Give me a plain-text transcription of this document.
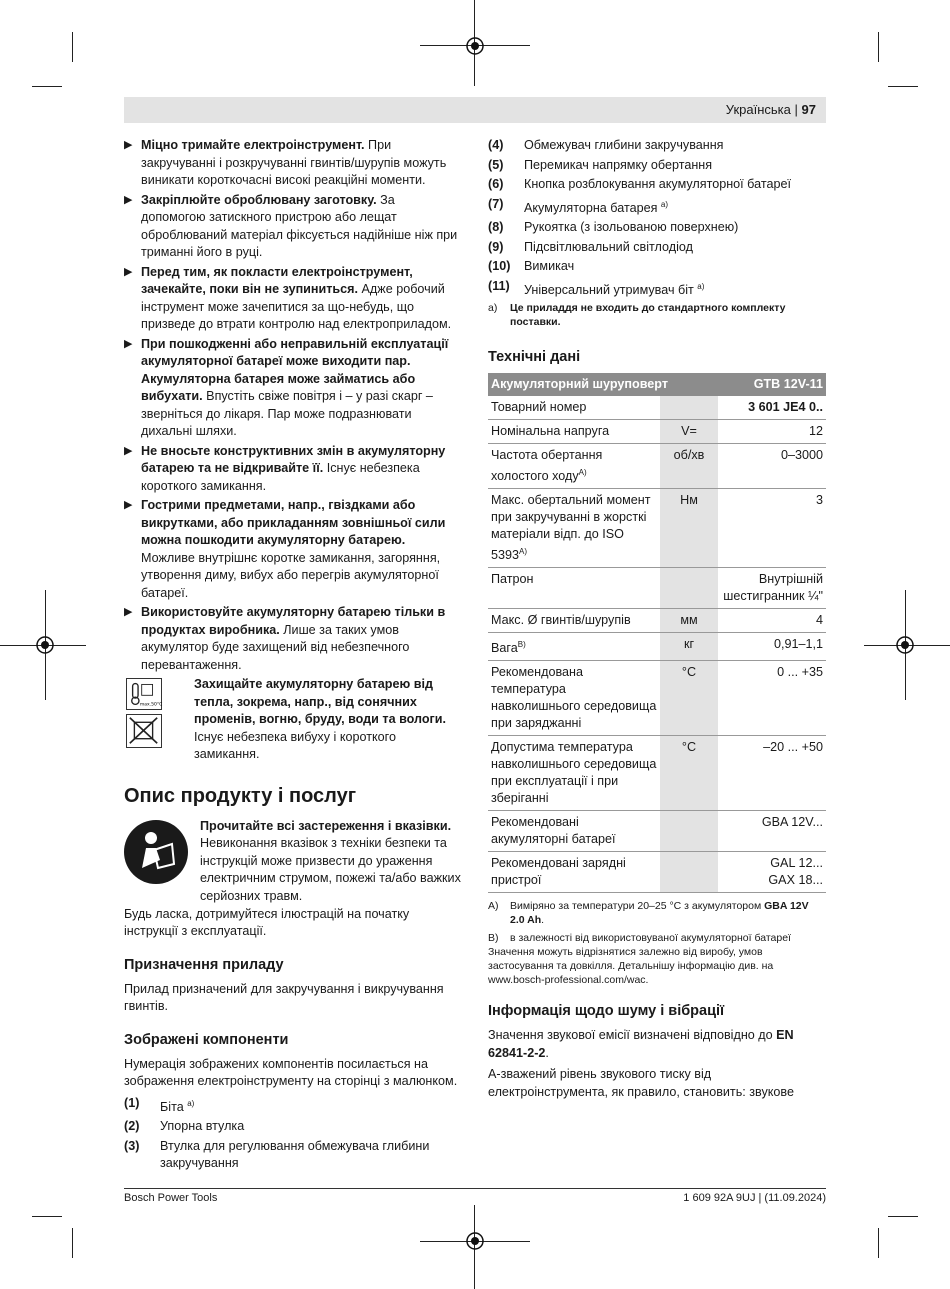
Українська | 97
▶ Міцно тримайте електроінструмент. При закручуванні і розкручуванні гвинтів/шурупів можуть виникати короткочасні високі реакційні моменти.
▶ Закріплюйте оброблювану заготовку. За допомогою затискного пристрою або лещат оброблюваний матеріал фіксується надійніше ніж при триманні його в руці.
▶ Перед тим, як покласти електроінструмент, зачекайте, поки він не зупиниться. Адже робочий інструмент може зачепитися за що-небудь, що призведе до втрати контролю над електроприладом.
▶ При пошкодженні або неправильній експлуатації акумуляторної батареї може виходити пар. Акумуляторна батарея може займатись або вибухати. Впустіть свіже повітря і – у разі скарг – зверніться до лікаря. Пар може подразнювати дихальні шляхи.
▶ Не вносьте конструктивних змін в акумуляторну батарею та не відкривайте її. Існує небезпека короткого замикання.
▶ Гострими предметами, напр., гвіздками або викрутками, або прикладанням зовнішньої сили можна пошкодити акумуляторну батарею. Можливе внутрішнє коротке замикання, загоряння, утворення диму, вибух або перегрів акумуляторної батареї.
▶ Використовуйте акумуляторну батарею тільки в продуктах виробника. Лише за таких умов акумулятор буде захищений від небезпечного перевантаження.
max.50°C
Захищайте акумуляторну батарею від тепла, зокрема, напр., від сонячних променів, вогню, бруду, води та вологи. Існує небезпека вибуху і короткого замикання.
Опис продукту і послуг
Прочитайте всі застереження і вказівки. Невиконання вказівок з техніки безпеки та інструкцій може призвести до ураження електричним струмом, пожежі та/або важких серйозних травм.

Будь ласка, дотримуйтеся ілюстрацій на початку інструкції з експлуатації.

Призначення приладу

Прилад призначений для закручування і викручування гвинтів.

Зображені компоненти

Нумерація зображених компонентів посилається на зображення електроінструменту на сторінці з малюнком.

(1)	Біта $^{a)}$
(2)	Упорна втулка
(3)	Втулка для регулювання обмежувача глибини закручування
(4)	Обмежувач глибини закручування
(5)	Перемикач напрямку обертання
(6)	Кнопка розблокування акумуляторної батареї
(7)	Акумуляторна батарея $^{a)}$
(8)	Рукоятка (з ізольованою поверхнею)
(9)	Підсвітлювальний світлодіод
(10)	Вимикач
(11)	Універсальний утримувач біт $^{a)}$
a)	Це приладдя не входить до стандартного комплекту поставки.
Технічні дані
Акумуляторний шуруповерт		GTB 12V-11
Товарний номер		3 601 JE4 0..
Номінальна напруга	V=	12
Частота обертання холостого ходу$^{A)}$	об/хв	0–3000
Макс. обертальний момент при закручуванні в жорсткі матеріали відп. до ISO $5393^{A)}$	Нм	3
Патрон		Внутрішній шестигранник ¼"
Макс. Ø гвинтів/шурупів	мм	4
Вага$^{B)}$	кг	0,91–1,1
Рекомендована температура навколишнього середовища при заряджанні	°C	0 ... +35
Допустима температура навколишнього середовища при експлуатації і при зберіганні	°C	–20 ... +50
Рекомендовані акумуляторні батареї		GBA 12V...
Рекомендовані зарядні пристрої		GAL 12...
GAX 18...
A)	Виміряно за температури 20–25 °C з акумулятором GBA 12V 2.0 Ah.
B)	в залежності від використовуваної акумуляторної батареї
Значення можуть відрізнятися залежно від виробу, умов застосування та довкілля. Детальнішу інформацію див. на www.bosch-professional.com/wac.
Інформація щодо шуму і вібрації

Значення звукової емісії визначені відповідно до EN 62841-2-2.

А-зважений рівень звукового тиску від електроінструмента, як правило, становить: звукове

Bosch Power Tools	1 609 92A 9UJ | (11.09.2024)
